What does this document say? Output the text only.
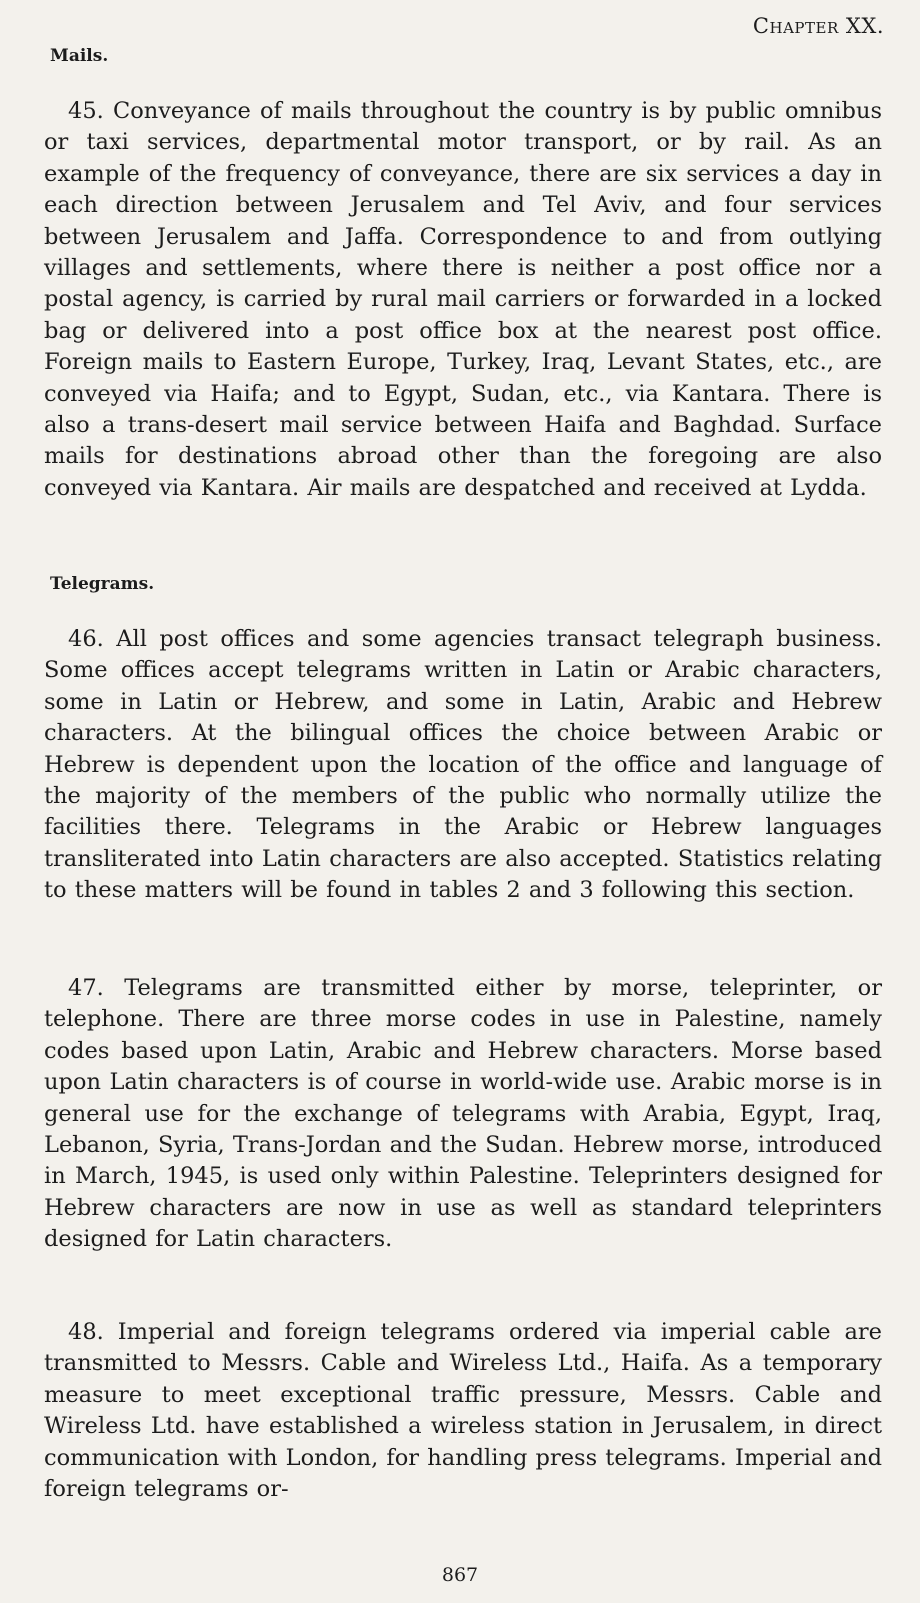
Chapter XX.
Mails.
45. Conveyance of mails throughout the country is by public omnibus or taxi services, departmental motor transport, or by rail. As an example of the frequency of conveyance, there are six services a day in each direction between Jerusalem and Tel Aviv, and four services between Jerusalem and Jaffa. Correspondence to and from outlying villages and settlements, where there is neither a post office nor a postal agency, is carried by rural mail carriers or forwarded in a locked bag or delivered into a post office box at the nearest post office. Foreign mails to Eastern Europe, Turkey, Iraq, Levant States, etc., are conveyed via Haifa; and to Egypt, Sudan, etc., via Kantara. There is also a trans-desert mail service between Haifa and Baghdad. Surface mails for destinations abroad other than the foregoing are also conveyed via Kantara. Air mails are despatched and received at Lydda.
Telegrams.
46. All post offices and some agencies transact telegraph business. Some offices accept telegrams written in Latin or Arabic characters, some in Latin or Hebrew, and some in Latin, Arabic and Hebrew characters. At the bilingual offices the choice between Arabic or Hebrew is dependent upon the location of the office and language of the majority of the members of the public who normally utilize the facilities there. Telegrams in the Arabic or Hebrew languages transliterated into Latin characters are also accepted. Statistics relating to these matters will be found in tables 2 and 3 following this section.
47. Telegrams are transmitted either by morse, teleprinter, or telephone. There are three morse codes in use in Palestine, namely codes based upon Latin, Arabic and Hebrew characters. Morse based upon Latin characters is of course in world-wide use. Arabic morse is in general use for the exchange of telegrams with Arabia, Egypt, Iraq, Lebanon, Syria, Trans-Jordan and the Sudan. Hebrew morse, introduced in March, 1945, is used only within Palestine. Teleprinters designed for Hebrew characters are now in use as well as standard teleprinters designed for Latin characters.
48. Imperial and foreign telegrams ordered via imperial cable are transmitted to Messrs. Cable and Wireless Ltd., Haifa. As a temporary measure to meet exceptional traffic pressure, Messrs. Cable and Wireless Ltd. have established a wireless station in Jerusalem, in direct communication with London, for handling press telegrams. Imperial and foreign telegrams or-
867
